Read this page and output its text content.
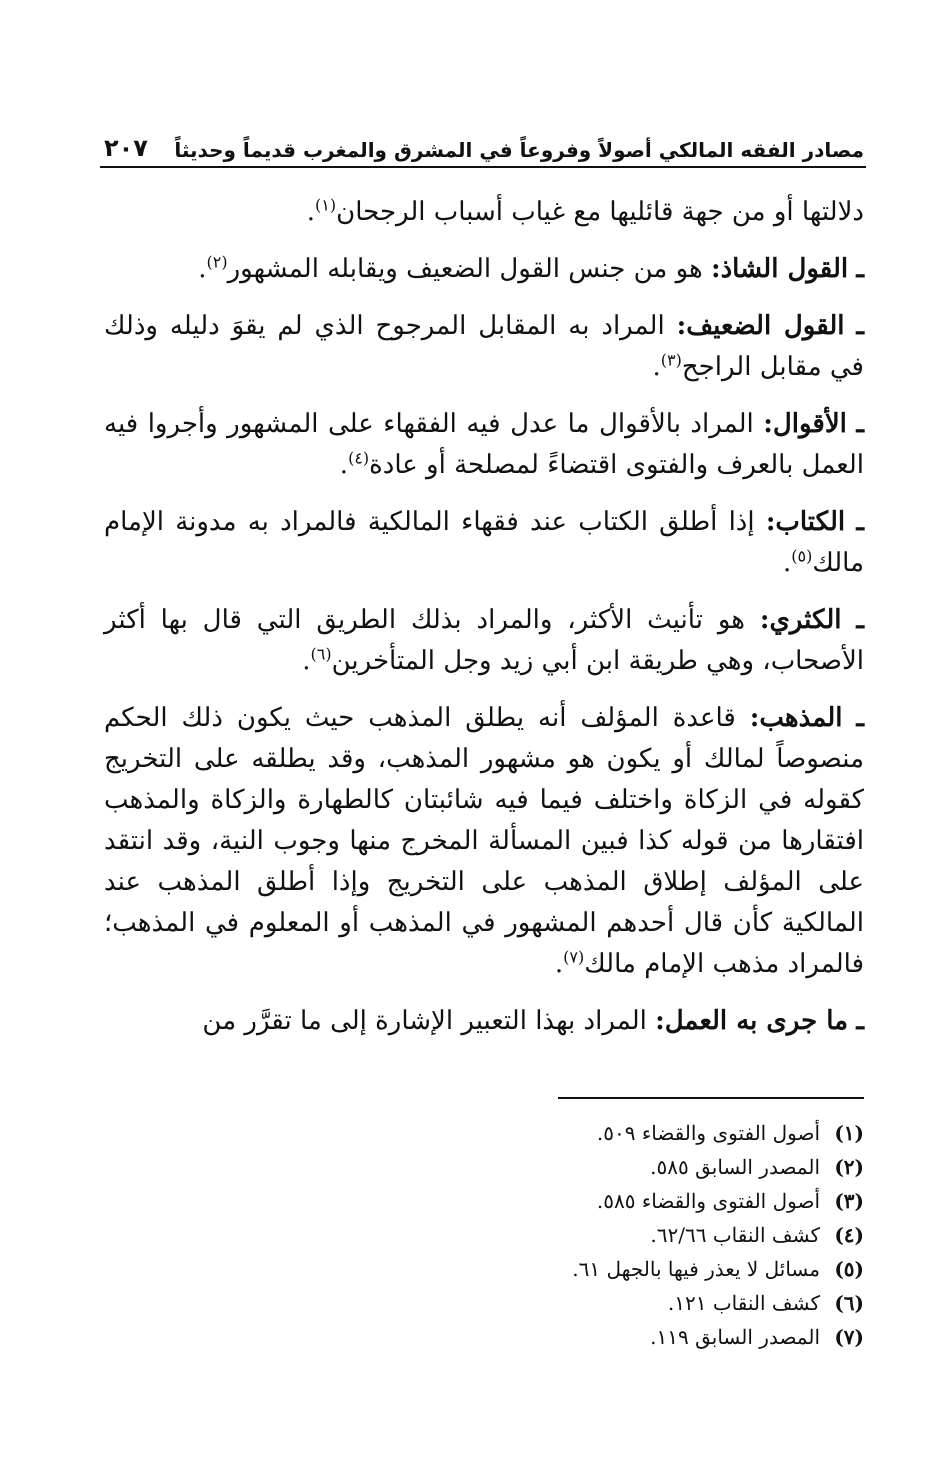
مصادر الفقه المالكي أصولاً وفروعاً في المشرق والمغرب قديماً وحديثاً
٢٠٧

دلالتها أو من جهة قائليها مع غياب أسباب الرجحان$^{(١)}$.

ـ القول الشاذ: هو من جنس القول الضعيف ويقابله المشهور$^{(٢)}$.

ـ القول الضعيف: المراد به المقابل المرجوح الذي لم يقوَ دليله وذلك في مقابل الراجح$^{(٣)}$.

ـ الأقوال: المراد بالأقوال ما عدل فيه الفقهاء على المشهور وأجروا فيه العمل بالعرف والفتوى اقتضاءً لمصلحة أو عادة$^{(٤)}$.

ـ الكتاب: إذا أطلق الكتاب عند فقهاء المالكية فالمراد به مدونة الإمام مالك$^{(٥)}$.

ـ الكثري: هو تأنيث الأكثر، والمراد بذلك الطريق التي قال بها أكثر الأصحاب، وهي طريقة ابن أبي زيد وجل المتأخرين$^{(٦)}$.

ـ المذهب: قاعدة المؤلف أنه يطلق المذهب حيث يكون ذلك الحكم منصوصاً لمالك أو يكون هو مشهور المذهب، وقد يطلقه على التخريج كقوله في الزكاة واختلف فيما فيه شائبتان كالطهارة والزكاة والمذهب افتقارها من قوله كذا فبين المسألة المخرج منها وجوب النية، وقد انتقد على المؤلف إطلاق المذهب على التخريج وإذا أطلق المذهب عند المالكية كأن قال أحدهم المشهور في المذهب أو المعلوم في المذهب؛ فالمراد مذهب الإمام مالك$^{(٧)}$.

ـ ما جرى به العمل: المراد بهذا التعبير الإشارة إلى ما تقرَّر من

(١)أصول الفتوى والقضاء ٥٠٩.
(٢)المصدر السابق ٥٨٥.
(٣)أصول الفتوى والقضاء ٥٨٥.
(٤)كشف النقاب ٦٢/٦٦.
(٥)مسائل لا يعذر فيها بالجهل ٦١.
(٦)كشف النقاب ١٢١.
(٧)المصدر السابق ١١٩.
